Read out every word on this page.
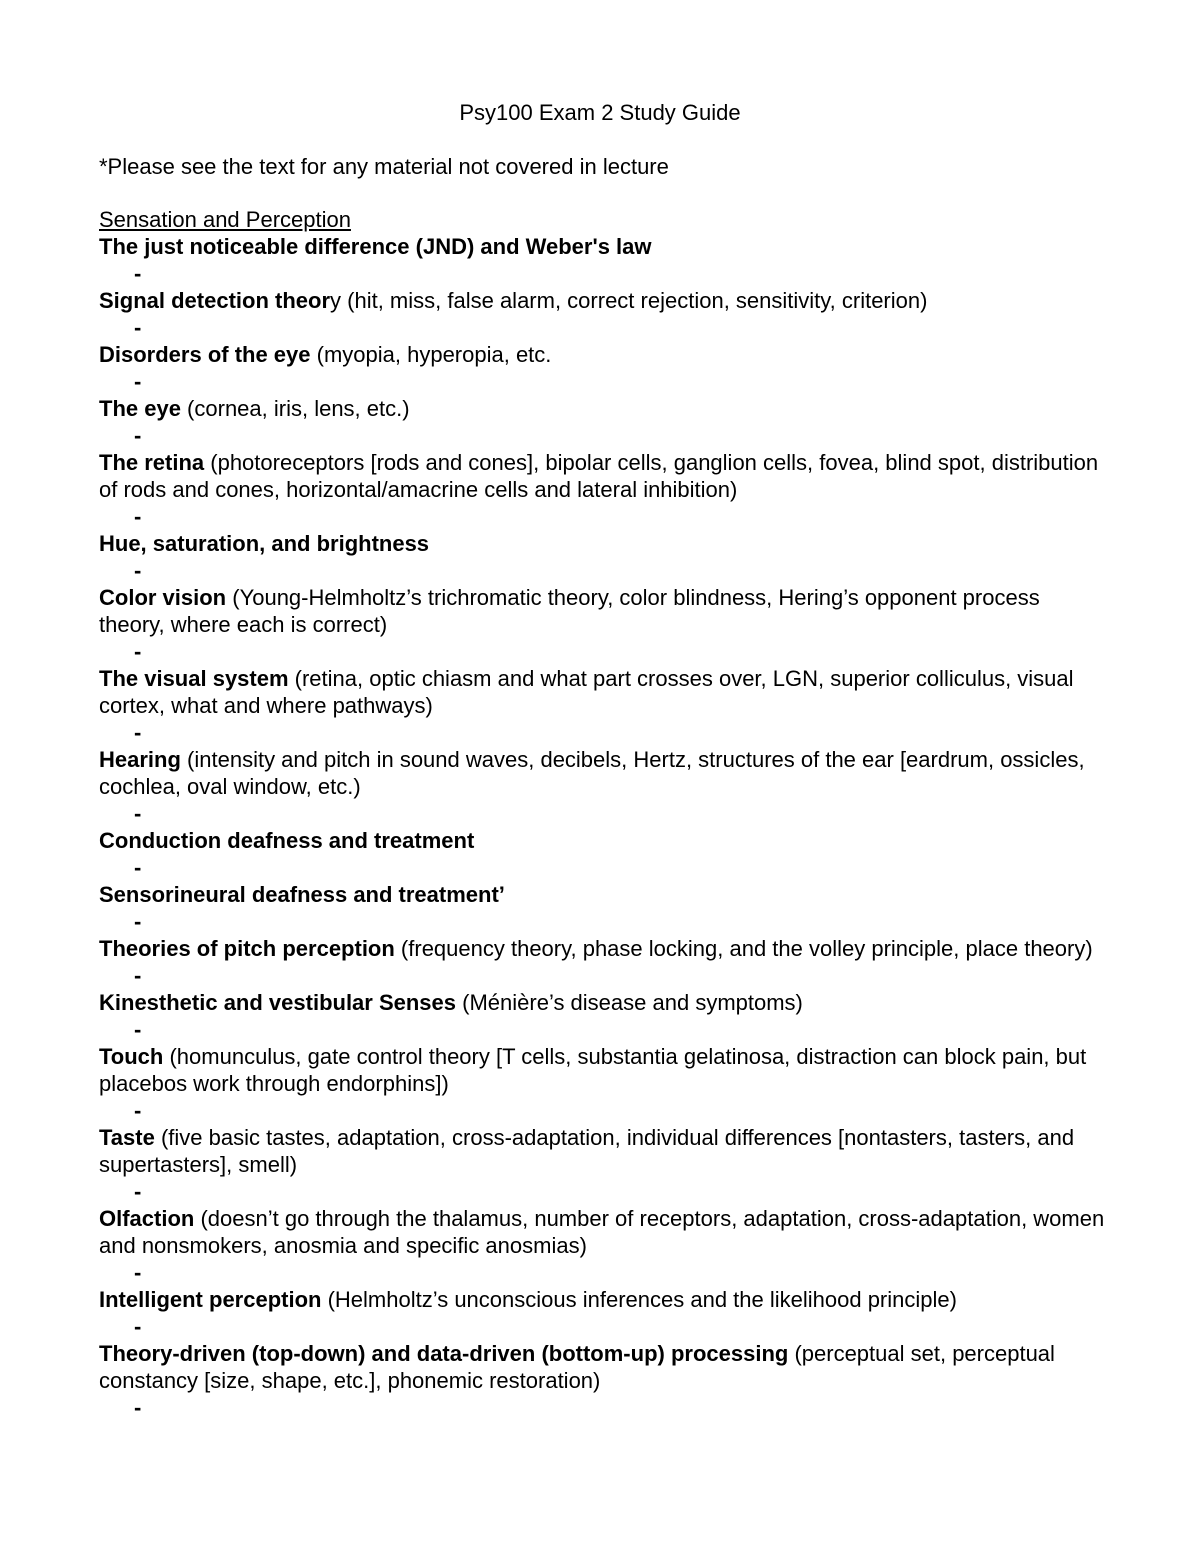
Psy100 Exam 2 Study Guide
*Please see the text for any material not covered in lecture
Sensation and Perception
The just noticeable difference (JND) and Weber's law
-
Signal detection theory (hit, miss, false alarm, correct rejection, sensitivity, criterion)
-
Disorders of the eye (myopia, hyperopia, etc.
-
The eye (cornea, iris, lens, etc.)
-
The retina (photoreceptors [rods and cones], bipolar cells, ganglion cells, fovea, blind spot, distribution of rods and cones, horizontal/amacrine cells and lateral inhibition)
-
Hue, saturation, and brightness
-
Color vision (Young-Helmholtz’s trichromatic theory, color blindness, Hering’s opponent process theory, where each is correct)
-
The visual system (retina, optic chiasm and what part crosses over, LGN, superior colliculus, visual cortex, what and where pathways)
-
Hearing (intensity and pitch in sound waves, decibels, Hertz, structures of the ear [eardrum, ossicles, cochlea, oval window, etc.)
-
Conduction deafness and treatment
-
Sensorineural deafness and treatment’
-
Theories of pitch perception (frequency theory, phase locking, and the volley principle, place theory)
-
Kinesthetic and vestibular Senses (Ménière’s disease and symptoms)
-
Touch (homunculus, gate control theory [T cells, substantia gelatinosa, distraction can block pain, but placebos work through endorphins])
-
Taste (five basic tastes, adaptation, cross-adaptation, individual differences [nontasters, tasters, and supertasters], smell)
-
Olfaction (doesn’t go through the thalamus, number of receptors, adaptation, cross-adaptation, women and nonsmokers, anosmia and specific anosmias)
-
Intelligent perception (Helmholtz’s unconscious inferences and the likelihood principle)
-
Theory-driven (top-down) and data-driven (bottom-up) processing (perceptual set, perceptual constancy [size, shape, etc.], phonemic restoration)
-
